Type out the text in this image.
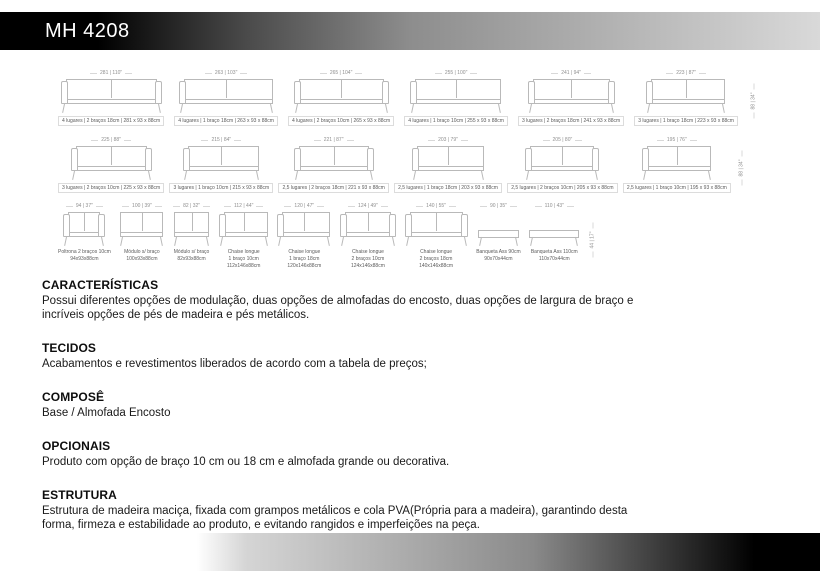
MH 4208
281 | 110"
4 lugares | 2 braços 18cm | 281 x 93 x 88cm
263 | 103"
4 lugares | 1 braço 18cm | 263 x 93 x 88cm
265 | 104"
4 lugares | 2 braços 10cm | 265 x 93 x 88cm
255 | 100"
4 lugares | 1 braço 10cm | 255 x 93 x 88cm
241 | 94"
3 lugares | 2 braços 18cm | 241 x 93 x 88cm
223 | 87"
3 lugares | 1 braço 18cm | 223 x 93 x 88cm
88 | 34"
225 | 88"
3 lugares | 2 braços 10cm | 225 x 93 x 88cm
215 | 84"
3 lugares | 1 braço 10cm | 215 x 93 x 88cm
221 | 87"
2,5 lugares | 2 braços 18cm | 221 x 93 x 88cm
203 | 79"
2,5 lugares | 1 braço 18cm | 203 x 93 x 88cm
205 | 80"
2,5 lugares | 2 braços 10cm | 205 x 93 x 88cm
195 | 76"
2,5 lugares | 1 braço 10cm | 195 x 93 x 88cm
88 | 34"
94 | 37"
Poltrona 2 braços 10cm
94x93x88cm
100 | 39"
Módulo s/ braço
100x93x88cm
82 | 32"
Módulo s/ braço
82x93x88cm
112 | 44"
Chaise longue
1 braço 10cm
112x146x88cm
120 | 47"
Chaise longue
1 braço 18cm
120x146x88cm
124 | 49"
Chaise longue
2 braços 10cm
124x146x88cm
140 | 55"
Chaise longue
2 braços 18cm
140x146x88cm
90 | 35"
Banqueta Ass 90cm
90x70x44cm
110 | 43"
Banqueta Ass 110cm
110x70x44cm
44 | 17"
CARACTERÍSTICAS

Possui diferentes opções de modulação, duas opções de almofadas do encosto, duas opções de largura de braço e incríveis opções de pés de madeira e pés metálicos.

TECIDOS

Acabamentos e revestimentos liberados de acordo com a tabela de preços;

COMPOSÊ

Base / Almofada Encosto

OPCIONAIS

Produto com opção de braço 10 cm ou 18 cm e almofada grande ou decorativa.

ESTRUTURA

Estrutura de madeira maciça, fixada com grampos metálicos e cola PVA(Própria para a madeira), garantindo desta forma, firmeza e estabilidade ao produto, e evitando rangidos e imperfeições na peça.
